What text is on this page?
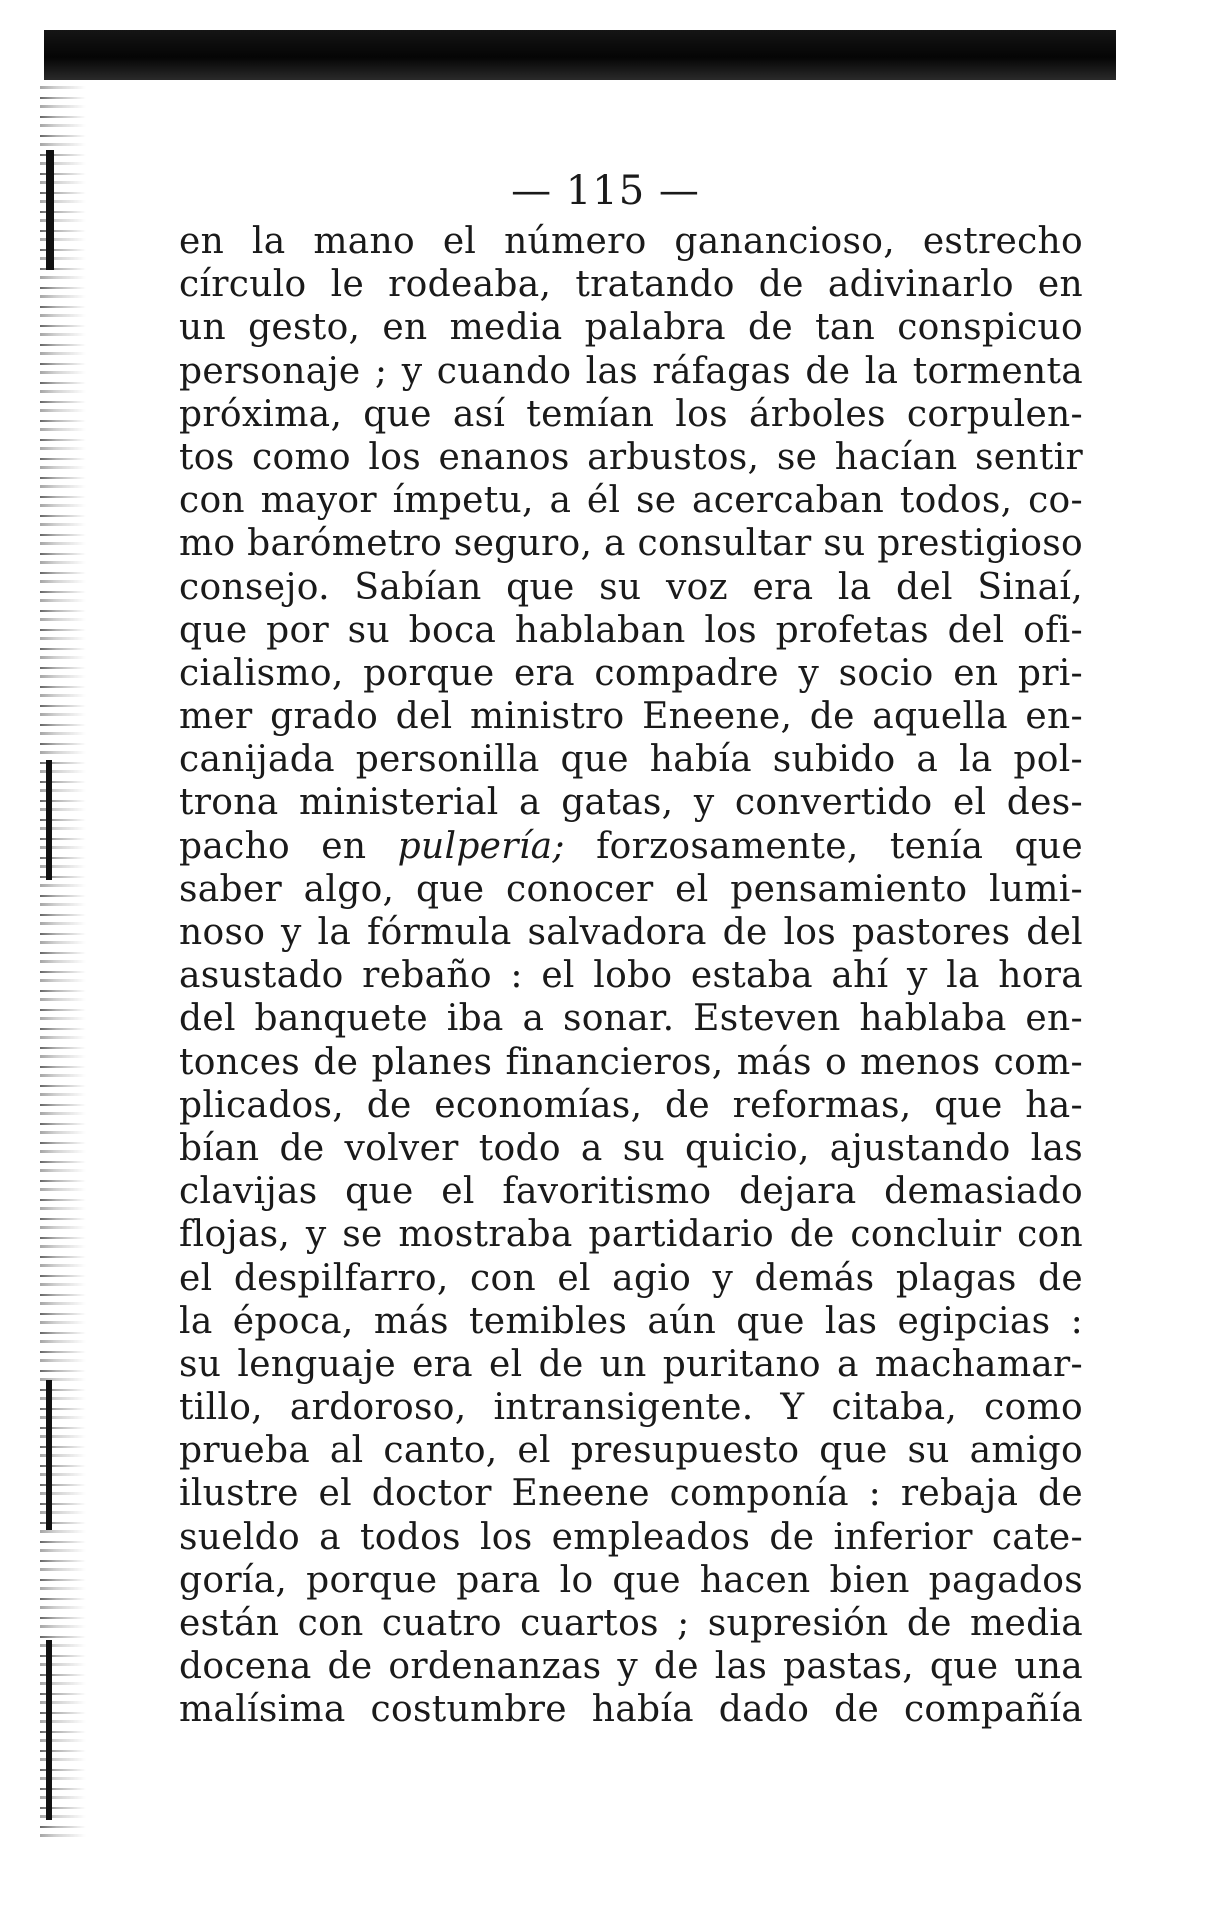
— 115 —
en la mano el número ganancioso, estrecho
círculo le rodeaba, tratando de adivinarlo en
un gesto, en media palabra de tan conspicuo
personaje ; y cuando las ráfagas de la tormenta
próxima, que así temían los árboles corpulen-
tos como los enanos arbustos, se hacían sentir
con mayor ímpetu, a él se acercaban todos, co-
mo barómetro seguro, a consultar su prestigioso
consejo. Sabían que su voz era la del Sinaí,
que por su boca hablaban los profetas del ofi-
cialismo, porque era compadre y socio en pri-
mer grado del ministro Eneene, de aquella en-
canijada personilla que había subido a la pol-
trona ministerial a gatas, y convertido el des-
pacho en pulpería; forzosamente, tenía que
saber algo, que conocer el pensamiento lumi-
noso y la fórmula salvadora de los pastores del
asustado rebaño : el lobo estaba ahí y la hora
del banquete iba a sonar. Esteven hablaba en-
tonces de planes financieros, más o menos com-
plicados, de economías, de reformas, que ha-
bían de volver todo a su quicio, ajustando las
clavijas que el favoritismo dejara demasiado
flojas, y se mostraba partidario de concluir con
el despilfarro, con el agio y demás plagas de
la época, más temibles aún que las egipcias :
su lenguaje era el de un puritano a machamar-
tillo, ardoroso, intransigente. Y citaba, como
prueba al canto, el presupuesto que su amigo
ilustre el doctor Eneene componía : rebaja de
sueldo a todos los empleados de inferior cate-
goría, porque para lo que hacen bien pagados
están con cuatro cuartos ; supresión de media
docena de ordenanzas y de las pastas, que una
malísima costumbre había dado de compañía
